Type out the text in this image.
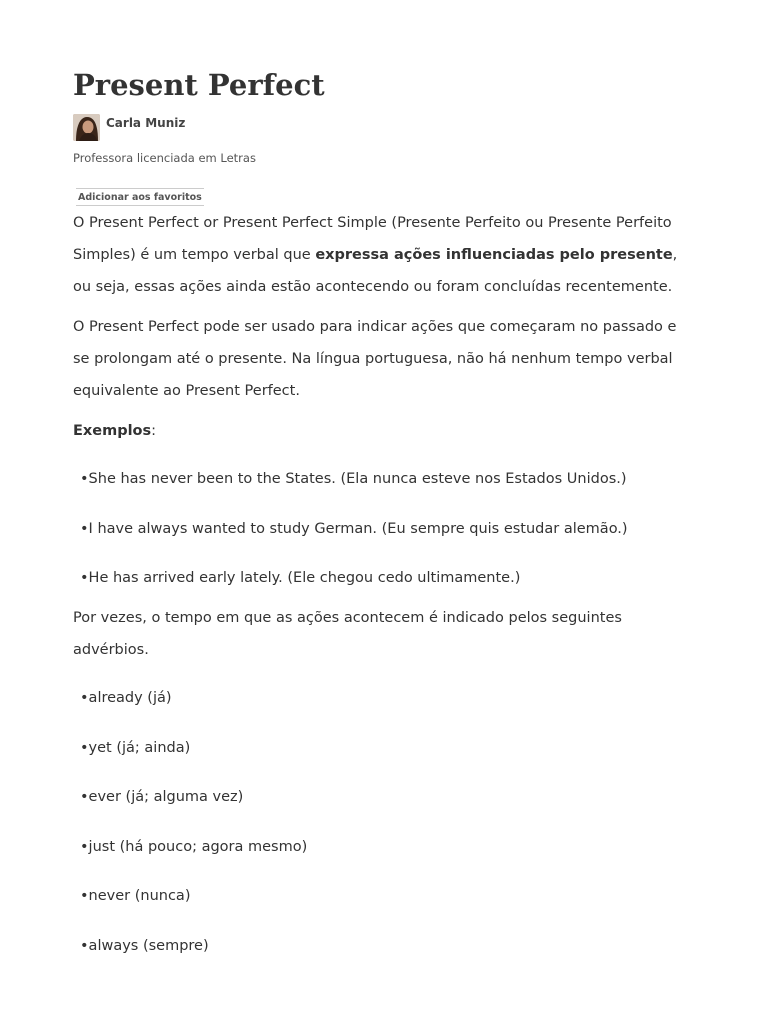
Present Perfect
Carla Muniz
Professora licenciada em Letras
Adicionar aos favoritos

O Present Perfect or Present Perfect Simple (Presente Perfeito ou Presente Perfeito Simples) é um tempo verbal que expressa ações influenciadas pelo presente, ou seja, essas ações ainda estão acontecendo ou foram concluídas recentemente.

O Present Perfect pode ser usado para indicar ações que começaram no passado e se prolongam até o presente. Na língua portuguesa, não há nenhum tempo verbal equivalente ao Present Perfect.

Exemplos:

•She has never been to the States. (Ela nunca esteve nos Estados Unidos.)
•I have always wanted to study German. (Eu sempre quis estudar alemão.)
•He has arrived early lately. (Ele chegou cedo ultimamente.)

Por vezes, o tempo em que as ações acontecem é indicado pelos seguintes advérbios.

•already (já)
•yet (já; ainda)
•ever (já; alguma vez)
•just (há pouco; agora mesmo)
•never (nunca)
•always (sempre)
